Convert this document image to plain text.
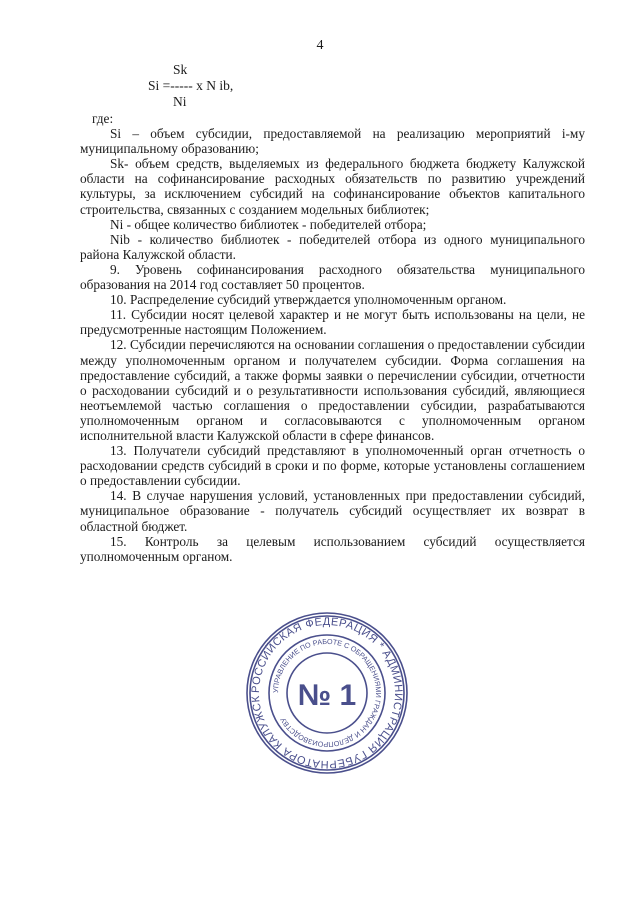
4
Sk
Si =----- x N ib,
Ni

где:

Si – объем субсидии, предоставляемой на реализацию мероприятий i-му муниципальному образованию;

Sk- объем средств, выделяемых из федерального бюджета бюджету Калужской области на софинансирование расходных обязательств по развитию учреждений культуры, за исключением субсидий на софинансирование объектов капитального строительства, связанных с созданием модельных библиотек;

Ni - общее количество библиотек - победителей отбора;

Nib - количество библиотек - победителей отбора из одного муниципального района Калужской области.

9. Уровень софинансирования расходного обязательства муниципального образования на 2014 год составляет 50 процентов.

10. Распределение субсидий утверждается уполномоченным органом.

11. Субсидии носят целевой характер и не могут быть использованы на цели, не предусмотренные настоящим Положением.

12. Субсидии перечисляются на основании соглашения о предоставлении субсидии между уполномоченным органом и получателем субсидии. Форма соглашения на предоставление субсидий, а также формы заявки о перечислении субсидии, отчетности о расходовании субсидий и о результативности использования субсидий, являющиеся неотъемлемой частью соглашения о предоставлении субсидии, разрабатываются уполномоченным органом и согласовываются с уполномоченным органом исполнительной власти Калужской области в сфере финансов.

13. Получатели субсидий представляют в уполномоченный орган отчетность о расходовании средств субсидий в сроки и по форме, которые установлены соглашением о предоставлении субсидии.

14. В случае нарушения условий, установленных при предоставлении субсидий, муниципальное образование - получатель субсидий осуществляет их возврат в областной бюджет.

15. Контроль за целевым использованием субсидий осуществляется уполномоченным органом.

РОССИЙСКАЯ ФЕДЕРАЦИЯ * АДМИНИСТРАЦИЯ ГУБЕРНАТОРА КАЛУЖСК
УПРАВЛЕНИЕ ПО РАБОТЕ С ОБРАЩЕНИЯМИ ГРАЖДАН И ДЕЛОПРОИЗВОДСТВУ
№ 1
